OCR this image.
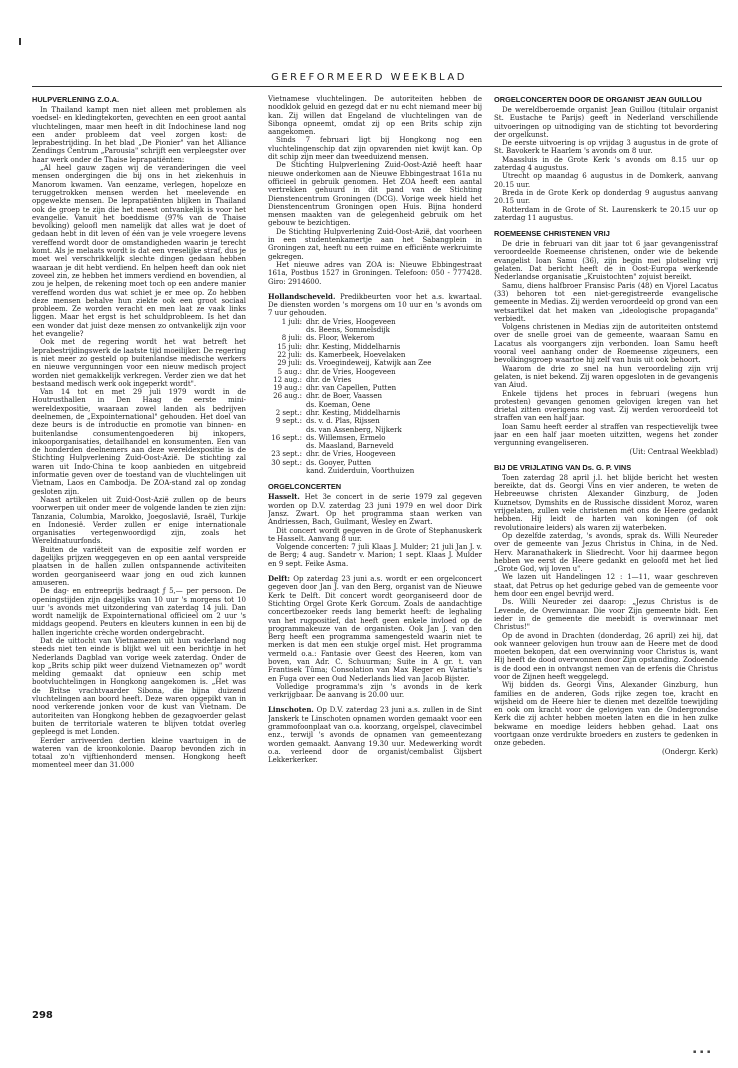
GEREFORMEERD WEEKBLAD
HULPVERLENING Z.O.A.

In Thailand kampt men niet alleen met problemen als voedsel- en kledingtekorten, gevechten en een groot aantal vluchtelingen, maar men heeft in dit Indochinese land nog een ander probleem dat veel zorgen kost: de leprabestrijding. In het blad „De Pionier" van het Alliance Zendings Centrum „Parousia" schrijft een verpleegster over haar werk onder de Thaise leprapatiënten:

„Al heel gauw zagen wij de veranderingen die veel mensen ondergingen die bij ons in het ziekenhuis in Manorom kwamen. Van eenzame, verlegen, hopeloze en teruggetrokken mensen werden het meelevende en opgewekte mensen. De leprapatiënten blijken in Thailand ook de groep te zijn die het meest ontvankelijk is voor het evangelie. Vanuit het boeddisme (97% van de Thaise bevolking) geloofl men namelijk dat alles wat je doet of gedaan hebt in dit leven of één van je vele vroegere levens vereffend wordt door de omstandigheden waarin je terecht komt. Als je melaats wordt is dat een vreselijke straf, dus je moet wel verschrikkelijk slechte dingen gedaan hebben waaraan je dit hebt verdiend. En helpen heeft dan ook niet zoveel zin, ze hebben het immers verdiend en bovendien, al zou je helpen, de rekening moet toch op een andere manier vereffend worden dus wat schiet je er mee op. Zo hebben deze mensen behalve hun ziekte ook een groot sociaal probleem. Ze worden veracht en men laat ze vaak links liggen. Maar het ergst is het schuldprobleem. Is het dan een wonder dat juist deze mensen zo ontvankelijk zijn voor het evangelie?

Ook met de regering wordt het wat betreft het leprabestrijdingswerk de laatste tijd moeilijker. De regering is niet meer zo gesteld op buitenlandse medische werkers en nieuwe vergunningen voor een nieuw medisch project worden niet gemakkelijk verkregen. Verder zien we dat het bestaand medisch werk ook ingeperkt wordt".

Van 14 tot en met 29 juli 1979 wordt in de Houtrusthallen in Den Haag de eerste mini-wereldexpositie, waaraan zowel landen als bedrijven deelnemen, de „Expointernational" gehouden. Het doel van deze beurs is de introductie en promotie van binnen- en buitenlandse consumentengoederen bij inkopers, inkooporganisaties, detailhandel en konsumenten. Een van de honderden deelnemers aan deze wereldexpositie is de Stichting Hulpverlening Zuid-Oost-Azië. De stichting zal waren uit Indo-China te koop aanbieden en uitgebreid informatie geven over de toestand van de vluchtelingen uit Vietnam, Laos en Cambodja. De ZOA-stand zal op zondag gesloten zijn.

Naast artikelen uit Zuid-Oost-Azië zullen op de beurs voorwerpen uit onder meer de volgende landen te zien zijn: Tanzania, Columbia, Marokko, Joegoslavië, Israël, Turkije en Indonesië. Verder zullen er enige internationale organisaties vertegenwoordigd zijn, zoals het Wereldnatuurfonds.

Buiten de variëteit van de expositie zelf worden er dagelijks prijzen weggegeven en op een aantal verspreide plaatsen in de hallen zullen ontspannende activiteiten worden georganiseerd waar jong en oud zich kunnen amuseren.

De dag- en entreeprijs bedraagt ƒ 5,— per persoon. De openingstijden zijn dagelijks van 10 uur 's morgens tot 10 uur 's avonds met uitzondering van zaterdag 14 juli. Dan wordt namelijk de Expointernational officieel om 2 uur 's middags geopend. Peuters en kleuters kunnen in een bij de hallen ingerichte crèche worden ondergebracht.

Dat de uittocht van Vietnamezen uit hun vaderland nog steeds niet ten einde is blijkt wel uit een berichtje in het Nederlands Dagblad van vorige week zaterdag. Onder de kop „Brits schip pikt weer duizend Vietnamezen op" wordt melding gemaakt dat opnieuw een schip met bootvluchtelingen in Hongkong aangekomen is. „Het was de Britse vrachtvaarder Sibona, die bijna duizend vluchtelingen aan boord heeft. Deze waren opgepikt van in nood verkerende jonken voor de kust van Vietnam. De autoriteiten van Hongkong hebben de gezagvoerder gelast buiten de territoriale wateren te blijven totdat overleg gepleegd is met Londen.

Eerder arriveerden dertien kleine vaartuigen in de wateren van de kroonkolonie. Daarop bevonden zich in totaal zo'n vijftienhonderd mensen. Hongkong heeft momenteel meer dan 31.000

Vietnamese vluchtelingen. De autoriteiten hebben de noodklok geluid en gezegd dat er nu echt niemand meer bij kan. Zij willen dat Engeland de vluchtelingen van de Sibonga opneemt, omdat zij op een Brits schip zijn aangekomen.

Sinds 7 februari ligt bij Hongkong nog een vluchtelingenschip dat zijn opvarenden niet kwijt kan. Op dit schip zijn meer dan tweeduizend mensen.

De Stichting Hulpverlening Zuid-Oost-Azië heeft haar nieuwe onderkomen aan de Nieuwe Ebbingestraat 161a nu officieel in gebruik genomen. Het ZOA heeft een aantal vertrekken gehuurd in dit pand van de Stichting Dienstencentrum Groningen (DCG). Vorige week hield het Dienstencentrum Groningen open Huis. Bijna honderd mensen maakten van de gelegenheid gebruik om het gebouw te bezichtigen.

De Stichting Hulpverlening Zuid-Oost-Azië, dat voorheen in een studentenkamertje aan het Sabangplein in Groningen zat, heeft nu een ruime en efficiënte werkruimte gekregen.

Het nieuwe adres van ZOA is: Nieuwe Ebbingestraat 161a, Postbus 1527 in Groningen. Telefoon: 050 - 777428. Giro: 2914600.

Hollandscheveld. Predikbeurten voor het a.s. kwartaal. De diensten worden 's morgens om 10 uur en 's avonds om 7 uur gehouden.

1 juli:	dhr. de Vries, Hoogeveen
	ds. Beens, Sommelsdijk
8 juli:	ds. Floor, Wekerom
15 juli:	dhr. Kesting, Middelharnis
22 juli:	ds. Kamerbeek, Hoevelaken
29 juli:	ds. Vroegindeweij, Katwijk aan Zee
5 aug.:	dhr. de Vries, Hoogeveen
12 aug.:	dhr. de Vries
19 aug.:	dhr. van Capellen, Putten
26 aug.:	dhr. de Boer, Vaassen
	ds. Koeman, Oene
2 sept.:	dhr. Kesting, Middelharnis
9 sept.:	ds. v. d. Plas, Rijssen
	ds. van Assenberg, Nijkerk
16 sept.:	ds. Willemsen, Ermelo
	ds. Maasland, Barneveld
23 sept.:	dhr. de Vries, Hoogeveen
30 sept.:	ds. Gooyer, Putten
	kand. Zuiderduin, Voorthuizen
ORGELCONCERTEN

Hasselt. Het 3e concert in de serie 1979 zal gegeven worden op D.V. zaterdag 23 juni 1979 en wel door Dirk Jansz. Zwart. Op het programma staan werken van Andriessen, Bach, Guilmant, Wesley en Zwart.

Dit concert wordt gegeven in de Grote of Stephanuskerk te Hasselt. Aanvang 8 uur.

Volgende concerten: 7 juli Klaas J. Mulder; 21 juli Jan J. v. de Berg; 4 aug. Sandetr v. Marion; 1 sept. Klaas J. Mulder en 9 sept. Feike Asma.

Delft: Op zaterdag 23 juni a.s. wordt er een orgelconcert gegeven door Jan J. van den Berg, organist van de Nieuwe Kerk te Delft. Dit concert wordt georganiseerd door de Stichting Orgel Grote Kerk Gorcum. Zoals de aandachtige concertbezoeker reeds lang bemerkt heeft: de leghaling van het rugpositief, dat heeft geen enkele invloed op de programmakeuze van de organisten. Ook Jan J. van den Berg heeft een programma samengesteld waarin niet te merken is dat men een stukje orgel mist. Het programma vermeld o.a.: Fantasie over Geest des Heeren, kom van boven, van Adr. C. Schuurman; Suite in A gr. t. van Frantisek Tûma; Consolation van Max Reger en Variatie's en Fuga over een Oud Nederlands lied van Jacob Bijster.

Volledige programma's zijn 's avonds in de kerk verkrijgbaar. De aanvang is 20.00 uur.

Linschoten. Op D.V. zaterdag 23 juni a.s. zullen in de Sint Janskerk te Linschoten opnamen worden gemaakt voor een grammofoonplaat van o.a. koorzang, orgelspel, clavecimbel enz., terwijl 's avonds de opnamen van gemeentezang worden gemaakt. Aanvang 19.30 uur. Medewerking wordt o.a. verleend door de organist/cembalist Gijsbert Lekkerkerker.

ORGELCONCERTEN DOOR DE ORGANIST JEAN GUILLOU

De wereldberoemde organist Jean Guillou (titulair organist St. Eustache te Parijs) geeft in Nederland verschillende uitvoeringen op uitnodiging van de stichting tot bevordering der orgelkunst.

De eerste uitvoering is op vrijdag 3 augustus in de grote of St. Bavokerk te Haarlem 's avonds om 8 uur.

Maassluis in de Grote Kerk 's avonds om 8.15 uur op zaterdag 4 augustus.

Utrecht op maandag 6 augustus in de Domkerk, aanvang 20.15 uur.

Breda in de Grote Kerk op donderdag 9 augustus aanvang 20.15 uur.

Rotterdam in de Grote of St. Laurenskerk te 20.15 uur op zaterdag 11 augustus.

ROEMEENSE CHRISTENEN VRIJ

De drie in februari van dit jaar tot 6 jaar gevangenisstraf veroordeelde Roemeense christenen, onder wie de bekende evangelist Ioan Samu (36), zijn begin mei plotseling vrij gelaten. Dat bericht heeft de in Oost-Europa werkende Nederlandse organisatie „Kruistochten" zojuist bereikt.

Samu, diens halfbroer Fransisc Paris (48) en Vjorel Lacatus (33) behoren tot een niet-geregistreerde evangelische gemeente in Medias. Zij werden veroordeeld op grond van een wetsartikel dat het maken van „ideologische propaganda" verbiedt.

Volgens christenen in Medias zijn de autoriteiten ontstemd over de snelle groei van de gemeente, waaraan Samu en Lacatus als voorgangers zijn verbonden. Ioan Samu heeft vooral veel aanhang onder de Roemeense zigeuners, een bevolkingsgroep waartoe hij zelf van huis uit ook behoort.

Waarom de drie zo snel na hun veroordeling zijn vrij gelaten, is niet bekend. Zij waren opgesloten in de gevangenis van Aiud.

Enkele tijdens het proces in februari (wegens hun protesten) gevangen genomen gelovigen kregen van het drietal zitten overigens nog vast. Zij werden veroordeeld tot straffen van een half jaar.

Ioan Samu heeft eerder al straffen van respectievelijk twee jaar en een half jaar moeten uitzitten, wegens het zonder vergunning evangeliseren.

(Uit: Centraal Weekblad)

BIJ DE VRIJLATING VAN Ds. G. P. VINS

Toen zaterdag 28 april j.l. het blijde bericht het westen bereikte, dat ds. Georgi Vins en vier anderen, te weten de Hebreeuwse christen Alexander Ginzburg, de Joden Kuznetsov, Dymshits en de Russische dissident Moroz, waren vrijgelaten, zullen vele christenen mét ons de Heere gedankt hebben. Hij leidt de harten van koningen (of ook revolutionaire leiders) als waren zij waterbeken.

Op dezelfde zaterdag, 's avonds, sprak ds. Willi Neureder over de gemeente van Jezus Christus in China, in de Ned. Herv. Maranathakerk in Sliedrecht. Voor hij daarmee begon hebben we eerst de Heere gedankt en geloofd met het lied „Grote God, wij loven u".

We lazen uit Handelingen 12 : 1—11, waar geschreven staat, dat Petrus op het gedurige gebed van de gemeente voor hem door een engel bevrijd werd.

Ds. Willi Neureder zei daarop: „Jezus Christus is de Levende, de Overwinnaar. Die voor Zijn gemeente bidt. Een ieder in de gemeente die meebidt is overwinnaar met Christus!"

Op de avond in Drachten (donderdag, 26 april) zei hij, dat ook wanneer gelovigen hun trouw aan de Heere met de dood moeten bekopen, dat een overwinning voor Christus is, want Hij heeft de dood overwonnen door Zijn opstanding. Zodoende is de dood een in ontvangst nemen van de erfenis die Christus voor de Zijnen heeft weggelegd.

Wij bidden ds. Georgi Vins, Alexander Ginzburg, hun families en de anderen, Gods rijke zegen toe, kracht en wijsheid om de Heere hier te dienen met dezelfde toewijding en ook om kracht voor de gelovigen van de Ondergrondse Kerk die zij achter hebben moeten laten en die in hen zulke bekwame en moedige leiders hebben gehad. Laat ons voortgaan onze verdrukte broeders en zusters te gedenken in onze gebeden.

(Ondergr. Kerk)

298
▪ ▪ ▪
